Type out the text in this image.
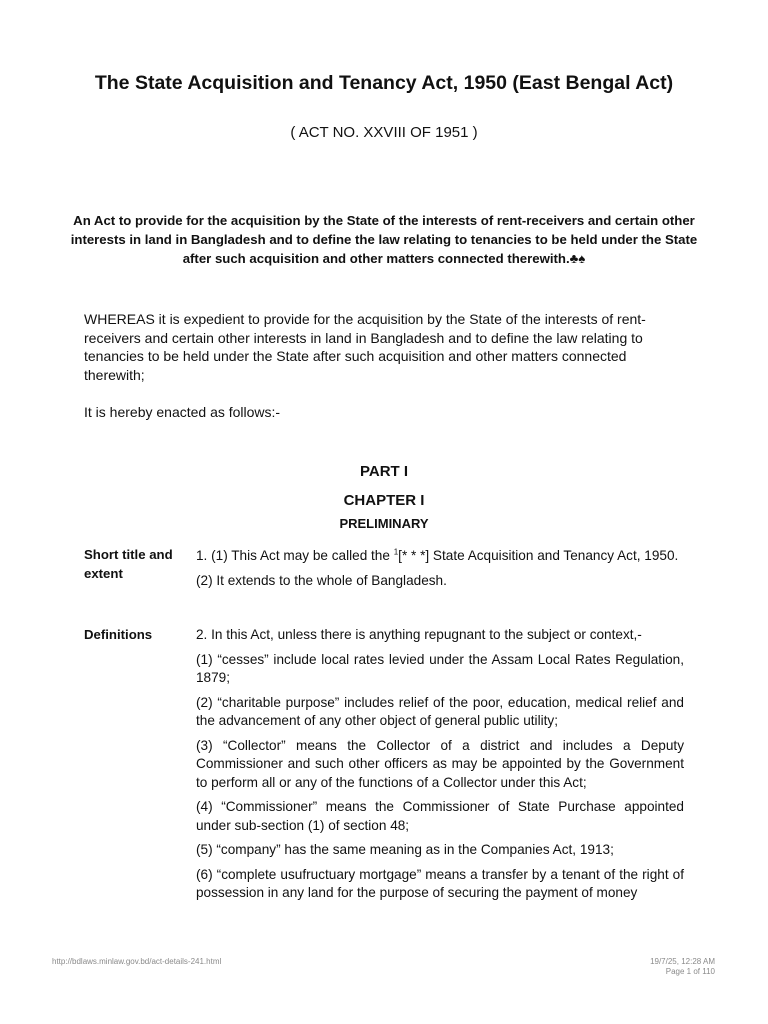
The State Acquisition and Tenancy Act, 1950 (East Bengal Act)
( ACT NO. XXVIII OF 1951 )
An Act to provide for the acquisition by the State of the interests of rent-receivers and certain other interests in land in Bangladesh and to define the law relating to tenancies to be held under the State after such acquisition and other matters connected therewith.♣♠
WHEREAS it is expedient to provide for the acquisition by the State of the interests of rent-receivers and certain other interests in land in Bangladesh and to define the law relating to tenancies to be held under the State after such acquisition and other matters connected therewith;
It is hereby enacted as follows:-
PART I
CHAPTER I
PRELIMINARY
Short title and extent

1. (1) This Act may be called the $^1$[* * *] State Acquisition and Tenancy Act, 1950.

(2) It extends to the whole of Bangladesh.

Definitions	2. In this Act, unless there is anything repugnant to the subject or context,-

(1) “cesses” include local rates levied under the Assam Local Rates Regulation, 1879;

(2) “charitable purpose” includes relief of the poor, education, medical relief and the advancement of any other object of general public utility;

(3) “Collector” means the Collector of a district and includes a Deputy Commissioner and such other officers as may be appointed by the Government to perform all or any of the functions of a Collector under this Act;

(4) “Commissioner” means the Commissioner of State Purchase appointed under sub-section (1) of section 48;

(5) “company” has the same meaning as in the Companies Act, 1913;

(6) “complete usufructuary mortgage” means a transfer by a tenant of the right of possession in any land for the purpose of securing the payment of money

http://bdlaws.minlaw.gov.bd/act-details-241.html	19/7/25, 12:28 AM
Page 1 of 110
